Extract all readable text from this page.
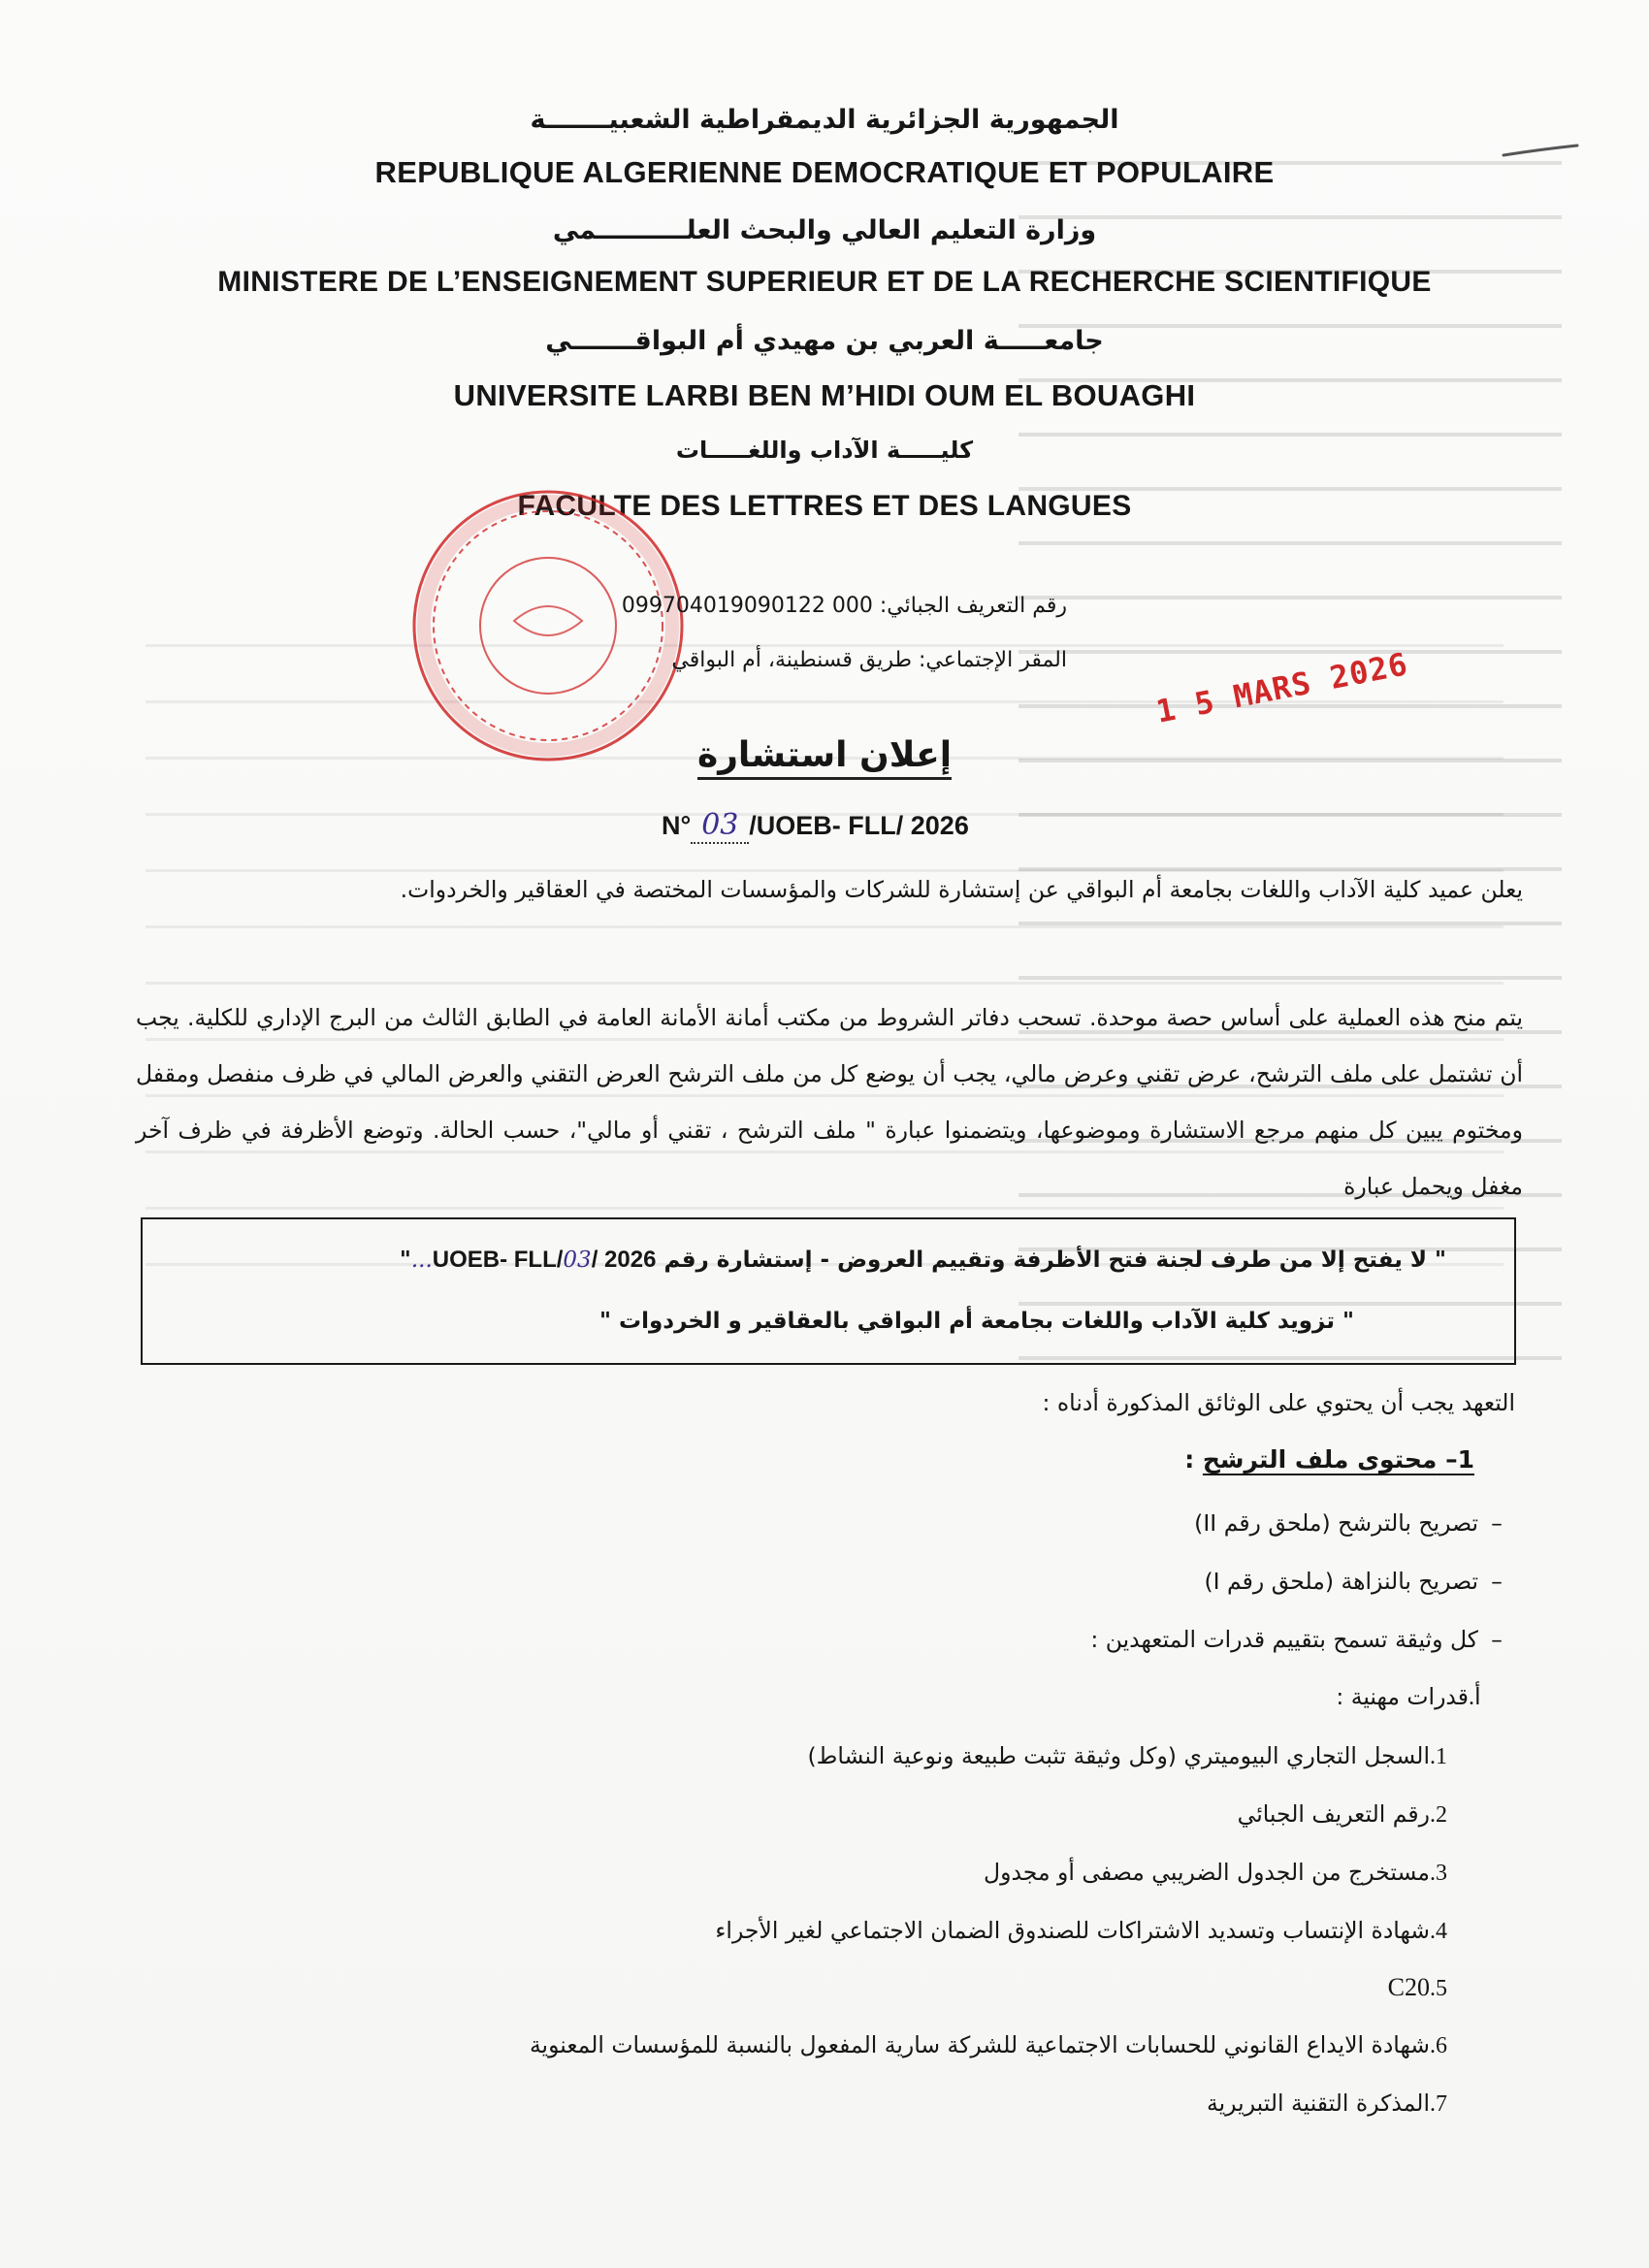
الجمهورية الجزائرية الديمقراطية الشعبيـــــــة
REPUBLIQUE ALGERIENNE DEMOCRATIQUE ET POPULAIRE
وزارة التعليم العالي والبحث العلــــــــــمي
MINISTERE DE L’ENSEIGNEMENT SUPERIEUR ET DE LA RECHERCHE SCIENTIFIQUE
جامعـــــة العربي بن مهيدي أم البواقـــــــي
UNIVERSITE LARBI BEN M’HIDI OUM EL BOUAGHI
كليـــــة الآداب واللغـــــات
FACULTE DES LETTRES ET DES LANGUES
رقم التعريف الجبائي: 000 099704019090122
المقر الإجتماعي: طريق قسنطينة، أم البواقي	1 5 MARS 2026
إعلان استشارة
N° 03 /UOEB- FLL/ 2026
يعلن عميد كلية الآداب واللغات بجامعة أم البواقي عن إستشارة للشركات والمؤسسات المختصة في العقاقير والخردوات.
يتم منح هذه العملية على أساس حصة موحدة. تسحب دفاتر الشروط من مكتب أمانة الأمانة العامة في الطابق الثالث من البرج الإداري للكلية. يجب أن تشتمل على ملف الترشح، عرض تقني وعرض مالي، يجب أن يوضع كل من ملف الترشح العرض التقني والعرض المالي في ظرف منفصل ومقفل ومختوم يبين كل منهم مرجع الاستشارة وموضوعها، ويتضمنوا عبارة " ملف الترشح ، تقني أو مالي"، حسب الحالة. وتوضع الأظرفة في ظرف آخر مغفل ويحمل عبارة
" لا يفتح إلا من طرف لجنة فتح الأظرفة وتقييم العروض - إستشارة رقم 2026 /UOEB- FLL/03..."
" تزويد كلية الآداب واللغات بجامعة أم البواقي بالعقاقير و الخردوات "
التعهد يجب أن يحتوي على الوثائق المذكورة أدناه :
1– محتوى ملف الترشح :
–تصريح بالترشح (ملحق رقم II)
–تصريح بالنزاهة (ملحق رقم I)
–كل وثيقة تسمح بتقييم قدرات المتعهدين :
أ.قدرات مهنية :
1.السجل التجاري البيوميتري (وكل وثيقة تثبت طبيعة ونوعية النشاط)
2.رقم التعريف الجبائي
3.مستخرج من الجدول الضريبي مصفى أو مجدول
4.شهادة الإنتساب وتسديد الاشتراكات للصندوق الضمان الاجتماعي لغير الأجراء
5.C20
6.شهادة الايداع القانوني للحسابات الاجتماعية للشركة سارية المفعول بالنسبة للمؤسسات المعنوية
7.المذكرة التقنية التبريرية
